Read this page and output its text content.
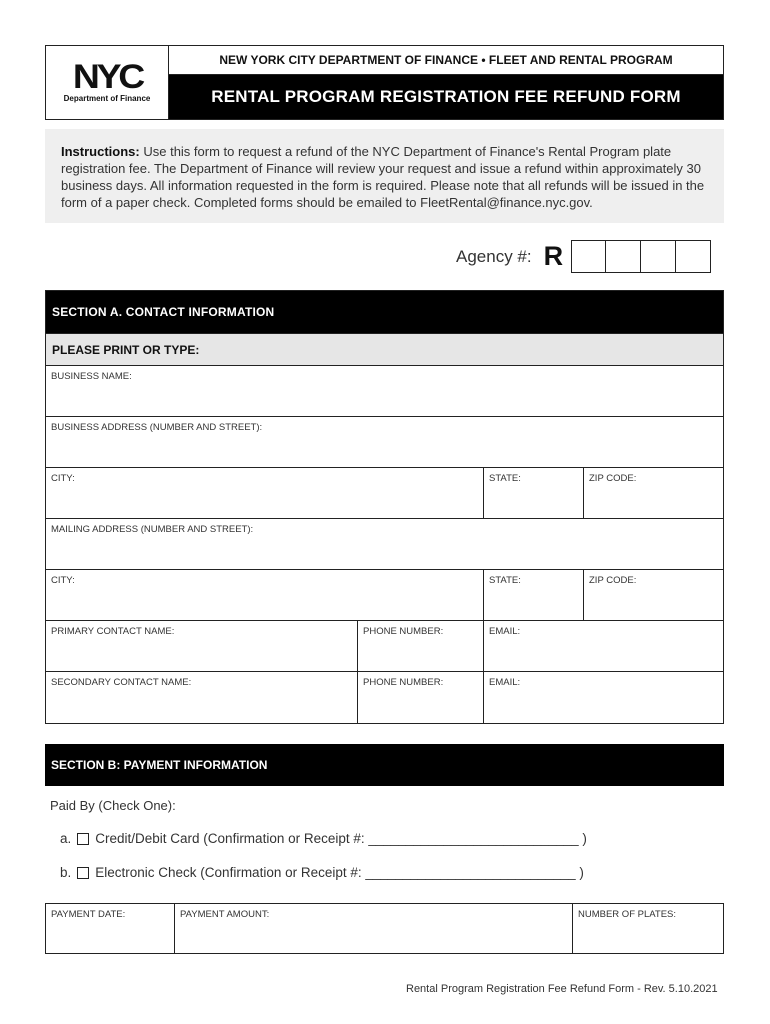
NYC
Department of Finance
NEW YORK CITY DEPARTMENT OF FINANCE • FLEET AND RENTAL PROGRAM
RENTAL PROGRAM REGISTRATION FEE REFUND FORM
Instructions: Use this form to request a refund of the NYC Department of Finance's Rental Program plate registration fee. The Department of Finance will review your request and issue a refund within approximately 30 business days. All information requested in the form is required. Please note that all refunds will be issued in the form of a paper check. Completed forms should be emailed to FleetRental@finance.nyc.gov.
Agency #: R
SECTION A. CONTACT INFORMATION
PLEASE PRINT OR TYPE:
BUSINESS NAME:
BUSINESS ADDRESS (NUMBER AND STREET):
CITY:	STATE:	ZIP CODE:
MAILING ADDRESS (NUMBER AND STREET):
CITY:	STATE:	ZIP CODE:
PRIMARY CONTACT NAME:	PHONE NUMBER:	EMAIL:
SECONDARY CONTACT NAME:	PHONE NUMBER:	EMAIL:
SECTION B: PAYMENT INFORMATION
Paid By (Check One):
a. Credit/Debit Card (Confirmation or Receipt #: ____________________________ )
b. Electronic Check (Confirmation or Receipt #: ____________________________ )
PAYMENT DATE:	PAYMENT AMOUNT:	NUMBER OF PLATES:
Rental Program Registration Fee Refund Form - Rev. 5.10.2021
